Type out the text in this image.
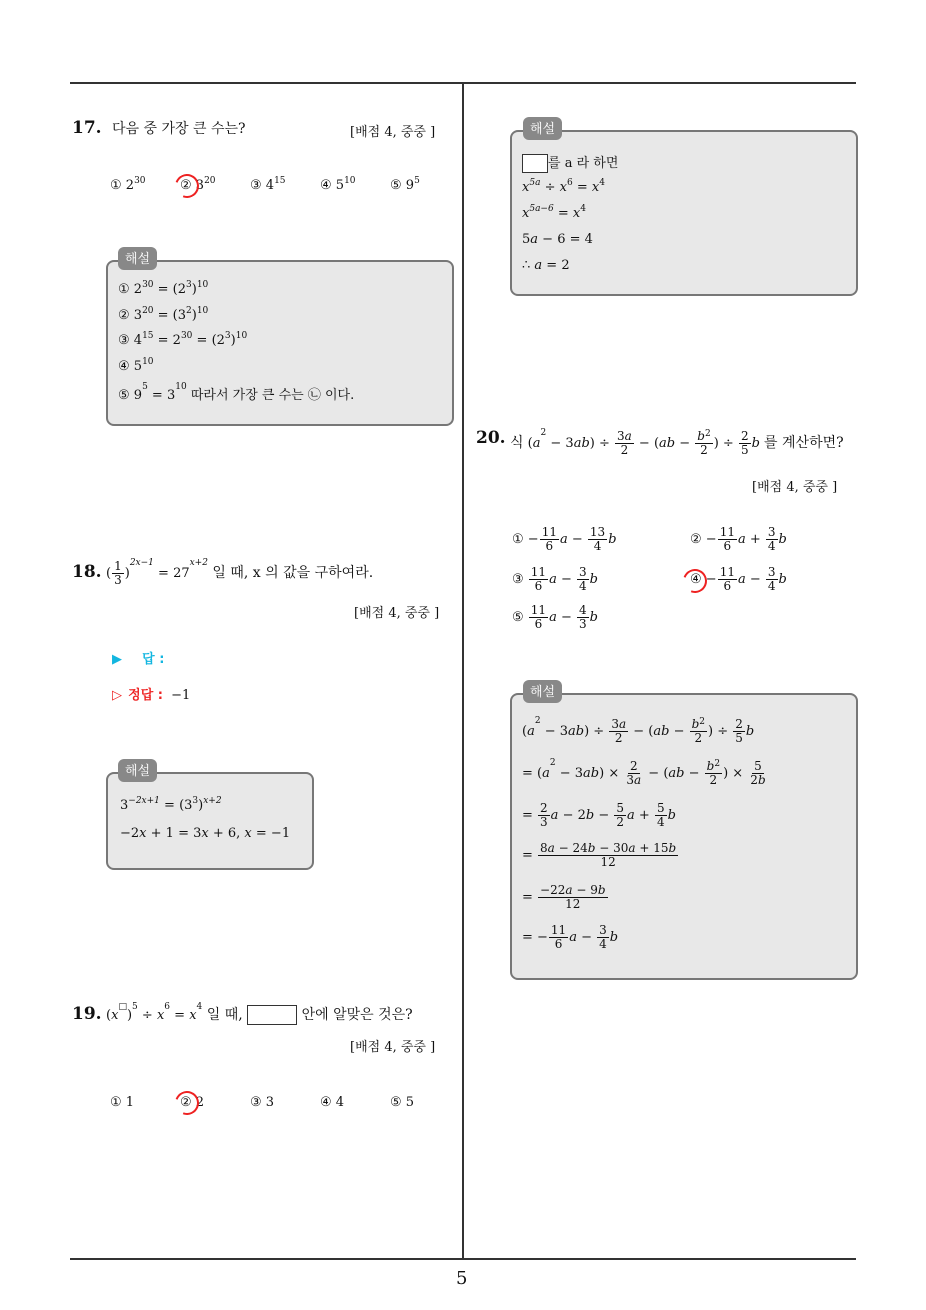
5
17. 다음 중 가장 큰 수는?	[배점 4, 중중 ]
① $2^{30}$	② $3^{20}$	③ $4^{15}$	④ $5^{10}$	⑤ $9^5$
해설
① $2^{30} = (2^3)^{10}$
② $3^{20} = (3^2)^{10}$
③ $4^{15} = 2^{30} = (2^3)^{10}$
④ $5^{10}$
⑤ $9^5 = 3^{10}$ 따라서 가장 큰 수는 ㉡ 이다.
18. ( $\frac{1}{3} )^{2x-1} = 27^{x+2}$ 일 때, x 의 값을 구하여라.
[배점 4, 중중 ]
▶ 답 :
▷ 정답 : −1
해설
$3^{-2x+1} = (3^3)^{x+2}$
−2x + 1 = 3x + 6, x = −1
19. $(x^□)^5 \div x^6 = x^4$ 일 때,	안에 알맞은 것은?
[배점 4, 중중 ]
① 1	② 2	③ 3	④ 4	⑤ 5
해설
를 a 라 하면
$x^{5a} \div x^6 = x^4$
$x^{5a-6} = x^4$
5a − 6 = 4
∴ a = 2
20. 식 $(a^2 - 3ab) \div \frac{3a}{2} - (ab - \frac{b^2}{2}$ ) ÷ $\frac{2}{5}$ b 를 계산하면?
[배점 4, 중중 ]
① − $\frac{11}{6}$ $a - \frac{13}{4}$ b	② − $\frac{11}{6}$ $a + \frac{3}{4}$ b
③ $\frac{11}{6}$ $a - \frac{3}{4}$ b	④ − $\frac{11}{6}$ $a - \frac{3}{4}$ b
⑤ $\frac{11}{6}$ $a - \frac{4}{3}$ b
해설
$(a^2 - 3ab) \div \frac{3a}{2} - (ab - \frac{b^2}{2}$ ) ÷ $\frac{2}{5}$ b
= $(a^2 - 3ab) \times \frac{2}{3a} - (ab - \frac{b^2}{2}$ ) × $\frac{5}{2b}$
= $\frac{2}{3}$ $a - 2b - \frac{5}{2}$ $a + \frac{5}{4}$ b
= $\frac{8a - 24b - 30a + 15b}{12}$
= $\frac{-22a - 9b}{12}$
= − $\frac{11}{6}$ $a - \frac{3}{4}$ b
